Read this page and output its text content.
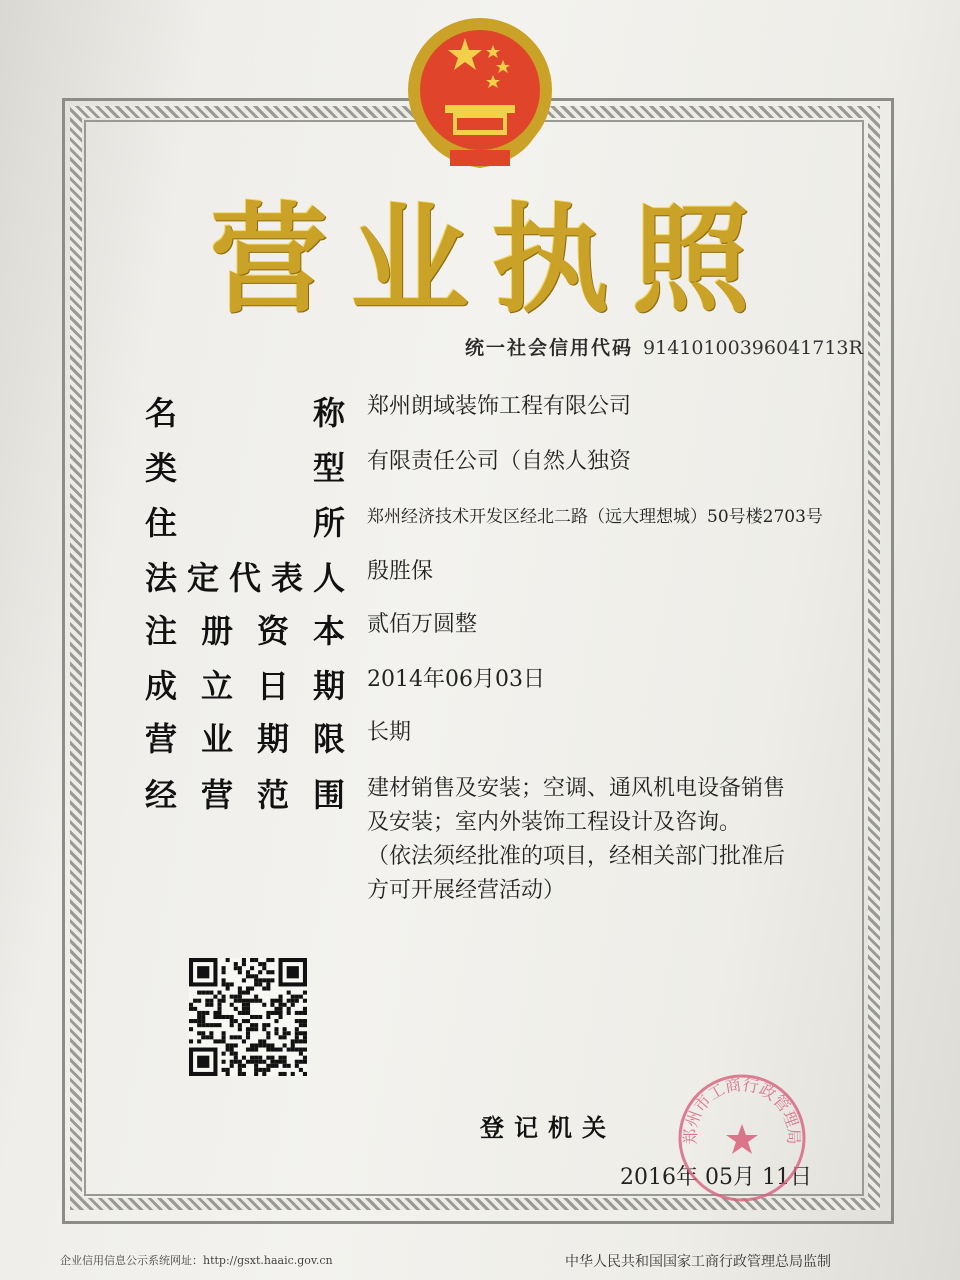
营 业 执 照
统一社会信用代码 91410100396041713R
名	称 郑州朗域装饰工程有限公司
类	型 有限责任公司（自然人独资
住	所 郑州经济技术开发区经北二路（远大理想城）50号楼2703号
法 定 代 表 人 殷胜保
注 册 资 本 贰佰万圆整
成 立 日 期 2014年06月03日
营 业 期 限 长期
经 营 范 围 建材销售及安装；空调、通风机电设备销售
及安装；室内外装饰工程设计及咨询。
（依法须经批准的项目，经相关部门批准后
方可开展经营活动）
登记机关
2016年 05月 11日
郑州市工商行政管理局
企业信用信息公示系统网址：http://gsxt.haaic.gov.cn	中华人民共和国国家工商行政管理总局监制
